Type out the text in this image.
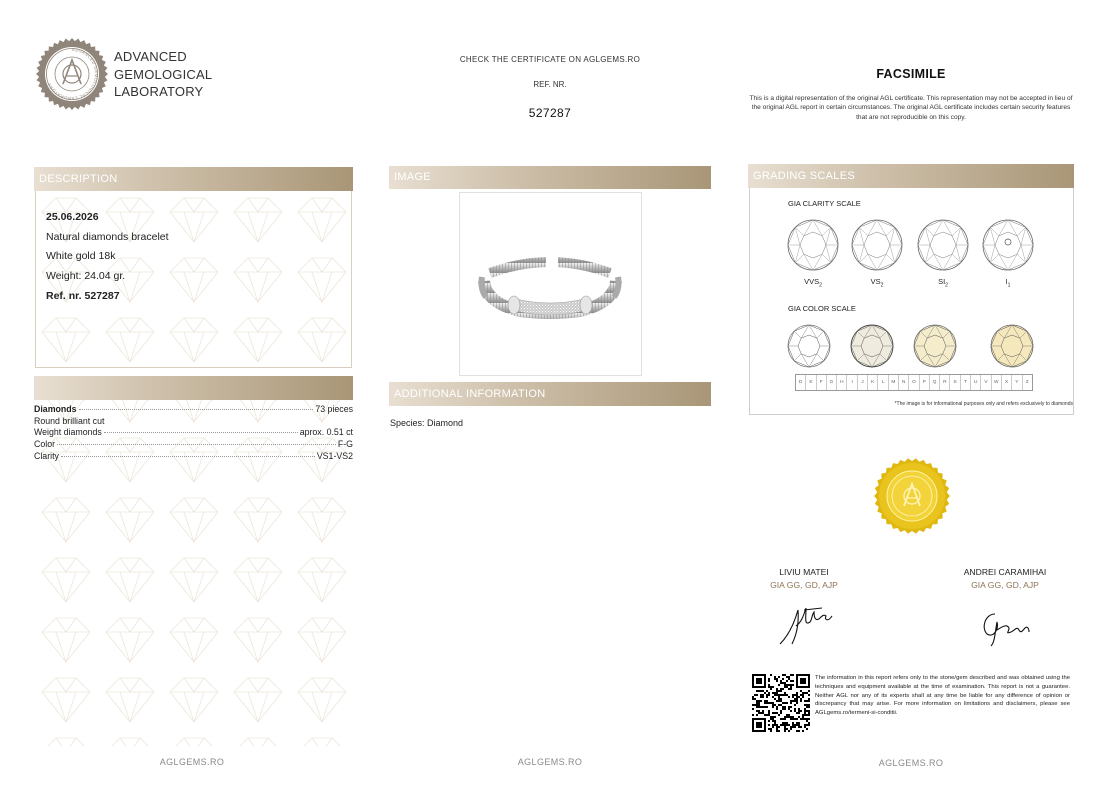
ADVANCED GEMOLOGICAL LABORATORY
ADVANCED
GEMOLOGICAL
LABORATORY
CHECK THE CERTIFICATE ON AGLGEMS.RO
REF. NR.
527287
FACSIMILE
This is a digital representation of the original AGL certificate. This representation may not be accepted in lieu of the original AGL report in certain circumstances. The original AGL certificate includes certain security features that are not reproducible on this copy.
DESCRIPTION
25.06.2026
Natural diamonds bracelet
White gold 18k
Weight: 24.04 gr.
Ref. nr. 527287
Diamonds	73 pieces
Round brilliant cut
Weight diamonds	aprox. 0.51 ct
Color	F-G
Clarity	VS1-VS2
AGLGEMS.RO
IMAGE
ADDITIONAL INFORMATION
Species: Diamond
AGLGEMS.RO
GRADING SCALES
GIA CLARITY SCALE
$VVS_2$	$VS_2$	$SI_2$	$I_1$
GIA COLOR SCALE
D	E	F	G	H	I	J	K	L	M	N	O	P	Q	R	S	T	U	V	W	X	Y	Z
*The image is for informational purposes only and refers exclusively to diamonds
LIVIU MATEI
GIA GG, GD, AJP
ANDREI CARAMIHAI
GIA GG, GD, AJP
The information in this report refers only to the stone/gem described and was obtained using the techniques and equipment available at the time of examination. This report is not a guarantee. Neither AGL nor any of its experts shall at any time be liable for any difference of opinion or discrepancy that may arise. For more information on limitations and disclaimers, please see AGLgems.ro/termeni-si-conditii.
AGLGEMS.RO
